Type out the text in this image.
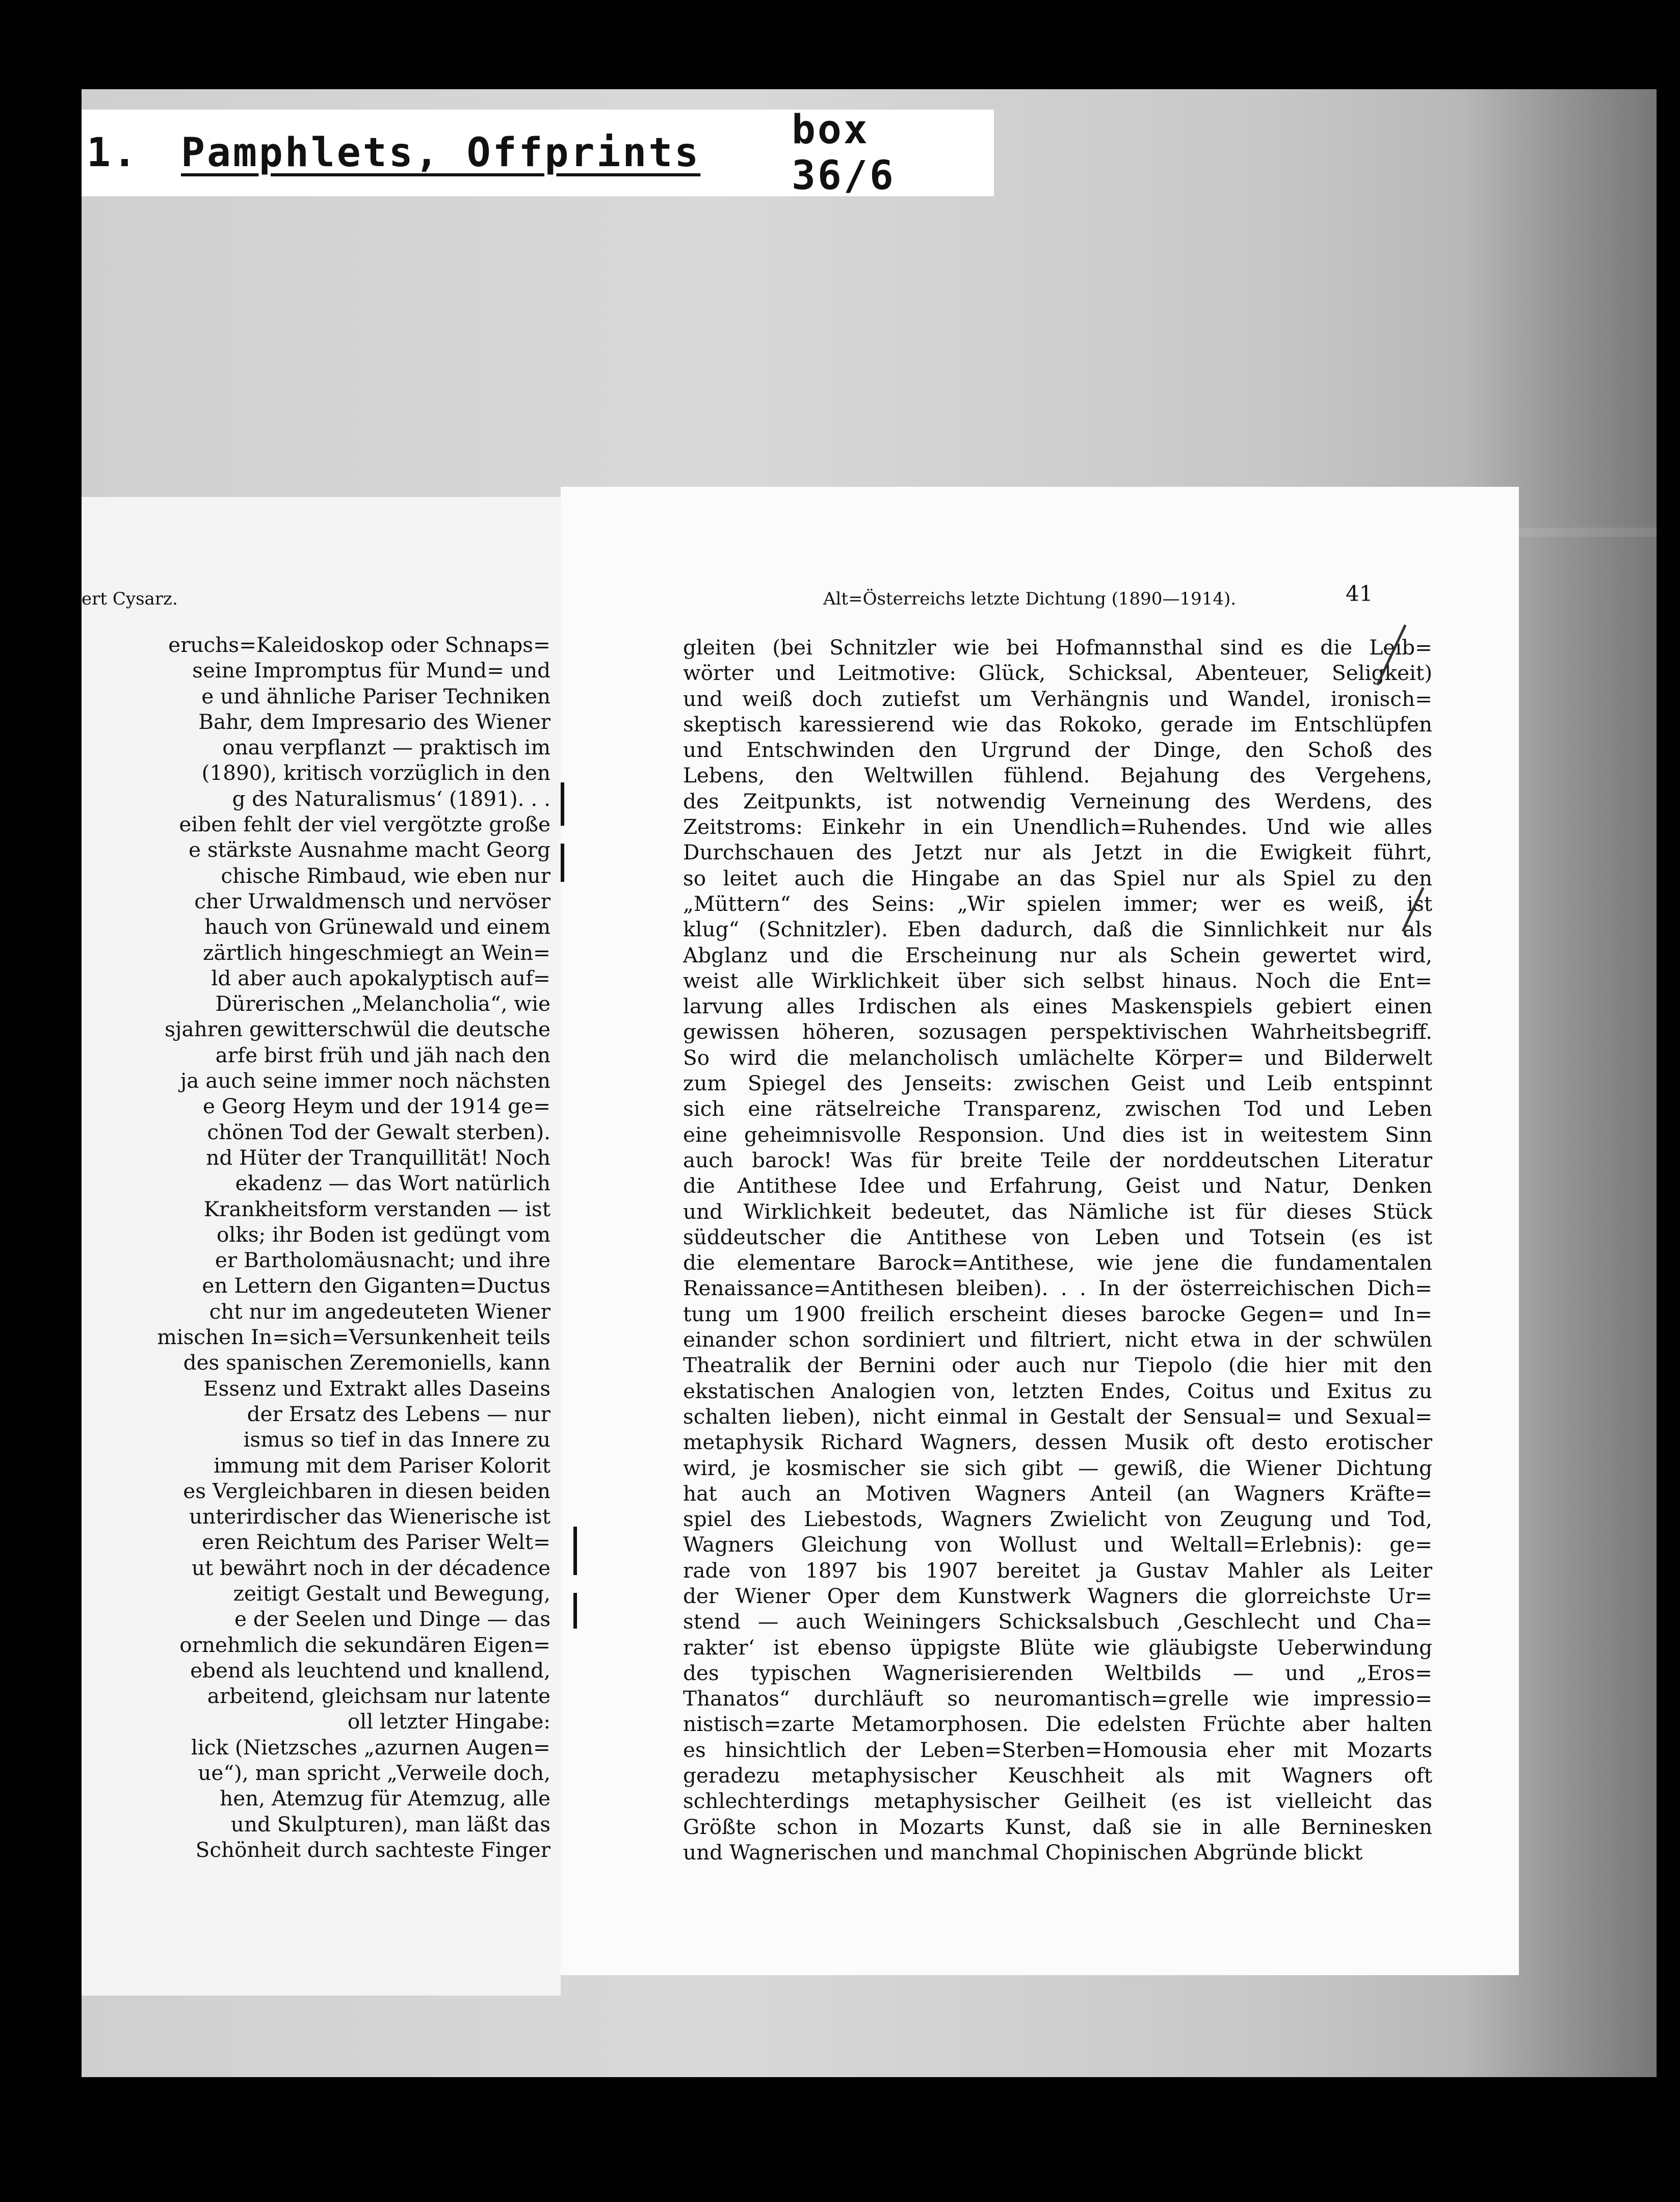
1.	Pamphlets, Offprints	box 36/6
ert Cysarz.
eruchs=Kaleidoskop oder Schnaps=
seine Impromptus für Mund= und
e und ähnliche Pariser Techniken
Bahr, dem Impresario des Wiener
onau verpflanzt — praktisch im
(1890), kritisch vorzüglich in den
g des Naturalismus‘ (1891). . .
eiben fehlt der viel vergötzte große
e stärkste Ausnahme macht Georg
chische Rimbaud, wie eben nur
cher Urwaldmensch und nervöser
hauch von Grünewald und einem
zärtlich hingeschmiegt an Wein=
ld aber auch apokalyptisch auf=
Dürerischen „Melancholia“, wie
sjahren gewitterschwül die deutsche
arfe birst früh und jäh nach den
ja auch seine immer noch nächsten
e Georg Heym und der 1914 ge=
chönen Tod der Gewalt sterben).
nd Hüter der Tranquillität! Noch
ekadenz — das Wort natürlich
Krankheitsform verstanden — ist
olks; ihr Boden ist gedüngt vom
er Bartholomäusnacht; und ihre
en Lettern den Giganten=Ductus
cht nur im angedeuteten Wiener
mischen In=sich=Versunkenheit teils
des spanischen Zeremoniells, kann
Essenz und Extrakt alles Daseins
der Ersatz des Lebens — nur
ismus so tief in das Innere zu
immung mit dem Pariser Kolorit
es Vergleichbaren in diesen beiden
unterirdischer das Wienerische ist
eren Reichtum des Pariser Welt=
ut bewährt noch in der décadence
zeitigt Gestalt und Bewegung,
e der Seelen und Dinge — das
ornehmlich die sekundären Eigen=
ebend als leuchtend und knallend,
arbeitend, gleichsam nur latente
oll letzter Hingabe:
lick (Nietzsches „azurnen Augen=
ue“), man spricht „Verweile doch,
hen, Atemzug für Atemzug, alle
und Skulpturen), man läßt das
Schönheit durch sachteste Finger
Alt=Österreichs letzte Dichtung (1890—1914).	41
gleiten (bei Schnitzler wie bei Hofmannsthal sind es die Leib=
wörter und Leitmotive: Glück, Schicksal, Abenteuer, Seligkeit)
und weiß doch zutiefst um Verhängnis und Wandel, ironisch=
skeptisch karessierend wie das Rokoko, gerade im Entschlüpfen
und Entschwinden den Urgrund der Dinge, den Schoß des
Lebens, den Weltwillen fühlend. Bejahung des Vergehens,
des Zeitpunkts, ist notwendig Verneinung des Werdens, des
Zeitstroms: Einkehr in ein Unendlich=Ruhendes. Und wie alles
Durchschauen des Jetzt nur als Jetzt in die Ewigkeit führt,
so leitet auch die Hingabe an das Spiel nur als Spiel zu den
„Müttern“ des Seins: „Wir spielen immer; wer es weiß, ist
klug“ (Schnitzler). Eben dadurch, daß die Sinnlichkeit nur als
Abglanz und die Erscheinung nur als Schein gewertet wird,
weist alle Wirklichkeit über sich selbst hinaus. Noch die Ent=
larvung alles Irdischen als eines Maskenspiels gebiert einen
gewissen höheren, sozusagen perspektivischen Wahrheitsbegriff.
So wird die melancholisch umlächelte Körper= und Bilderwelt
zum Spiegel des Jenseits: zwischen Geist und Leib entspinnt
sich eine rätselreiche Transparenz, zwischen Tod und Leben
eine geheimnisvolle Responsion. Und dies ist in weitestem Sinn
auch barock! Was für breite Teile der norddeutschen Literatur
die Antithese Idee und Erfahrung, Geist und Natur, Denken
und Wirklichkeit bedeutet, das Nämliche ist für dieses Stück
süddeutscher die Antithese von Leben und Totsein (es ist
die elementare Barock=Antithese, wie jene die fundamentalen
Renaissance=Antithesen bleiben). . . In der österreichischen Dich=
tung um 1900 freilich erscheint dieses barocke Gegen= und In=
einander schon sordiniert und filtriert, nicht etwa in der schwülen
Theatralik der Bernini oder auch nur Tiepolo (die hier mit den
ekstatischen Analogien von, letzten Endes, Coitus und Exitus zu
schalten lieben), nicht einmal in Gestalt der Sensual= und Sexual=
metaphysik Richard Wagners, dessen Musik oft desto erotischer
wird, je kosmischer sie sich gibt — gewiß, die Wiener Dichtung
hat auch an Motiven Wagners Anteil (an Wagners Kräfte=
spiel des Liebestods, Wagners Zwielicht von Zeugung und Tod,
Wagners Gleichung von Wollust und Weltall=Erlebnis): ge=
rade von 1897 bis 1907 bereitet ja Gustav Mahler als Leiter
der Wiener Oper dem Kunstwerk Wagners die glorreichste Ur=
stend — auch Weiningers Schicksalsbuch ‚Geschlecht und Cha=
rakter‘ ist ebenso üppigste Blüte wie gläubigste Ueberwindung
des typischen Wagnerisierenden Weltbilds — und „Eros=
Thanatos“ durchläuft so neuromantisch=grelle wie impressio=
nistisch=zarte Metamorphosen. Die edelsten Früchte aber halten
es hinsichtlich der Leben=Sterben=Homousia eher mit Mozarts
geradezu metaphysischer Keuschheit als mit Wagners oft
schlechterdings metaphysischer Geilheit (es ist vielleicht das
Größte schon in Mozarts Kunst, daß sie in alle Berninesken
und Wagnerischen und manchmal Chopinischen Abgründe blickt
